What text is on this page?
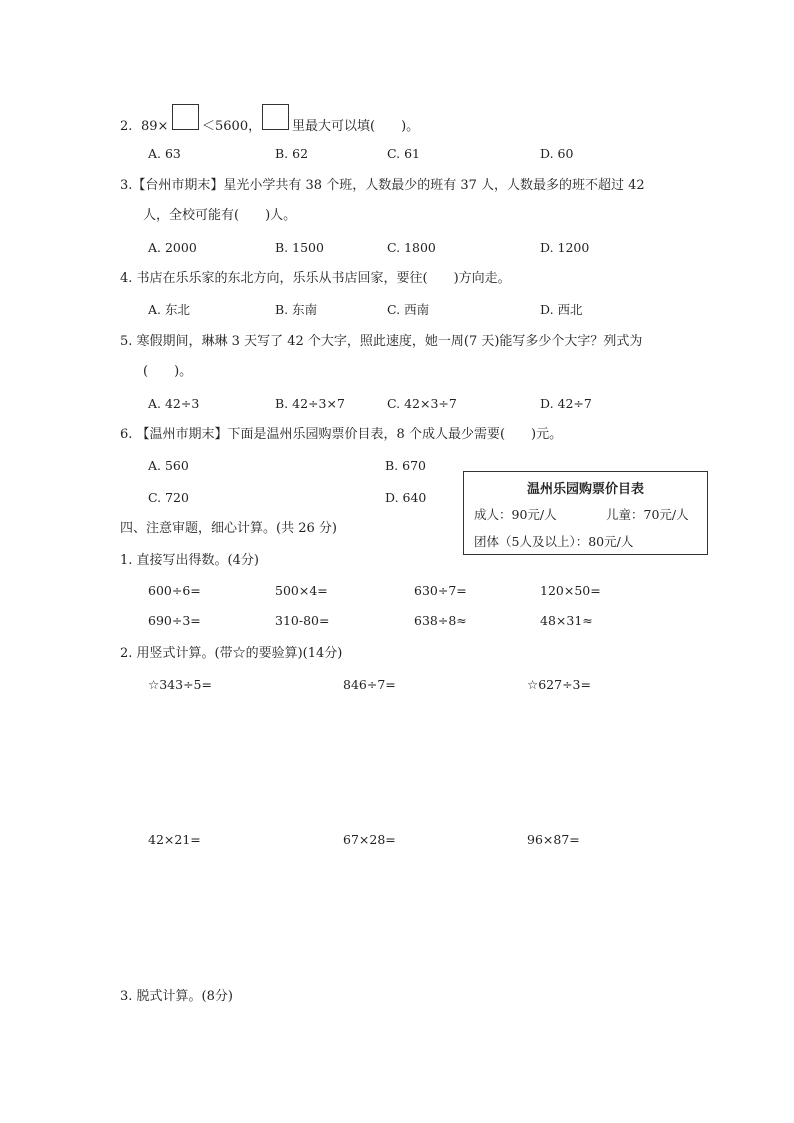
2. 89×	＜5600， 里最大可以填(　　)。
A. 63	B. 62	C. 61	D. 60
3.【台州市期末】星光小学共有 38 个班，人数最少的班有 37 人，人数最多的班不超过 42
人，全校可能有(　　)人。
A. 2000	B. 1500	C. 1800	D. 1200
4. 书店在乐乐家的东北方向，乐乐从书店回家，要往(　　)方向走。
A. 东北	B. 东南	C. 西南	D. 西北
5. 寒假期间，琳琳 3 天写了 42 个大字，照此速度，她一周(7 天)能写多少个大字？列式为
(　　)。
A. 42÷3	B. 42÷3×7	C. 42×3÷7	D. 42÷7
6. 【温州市期末】下面是温州乐园购票价目表，8 个成人最少需要(　　)元。
A. 560	B. 670
C. 720	D. 640
温州乐园购票价目表
成人：90元/人	儿童：70元/人
团体（5人及以上）：80元/人
四、注意审题，细心计算。(共 26 分)
1. 直接写出得数。(4分)
600÷6=	500×4=	630÷7=	120×50=
690÷3=	310-80=	638÷8≈	48×31≈
2. 用竖式计算。(带☆的要验算)(14分)
☆343÷5=	846÷7=	☆627÷3=
42×21=	67×28=	96×87=
3. 脱式计算。(8分)
